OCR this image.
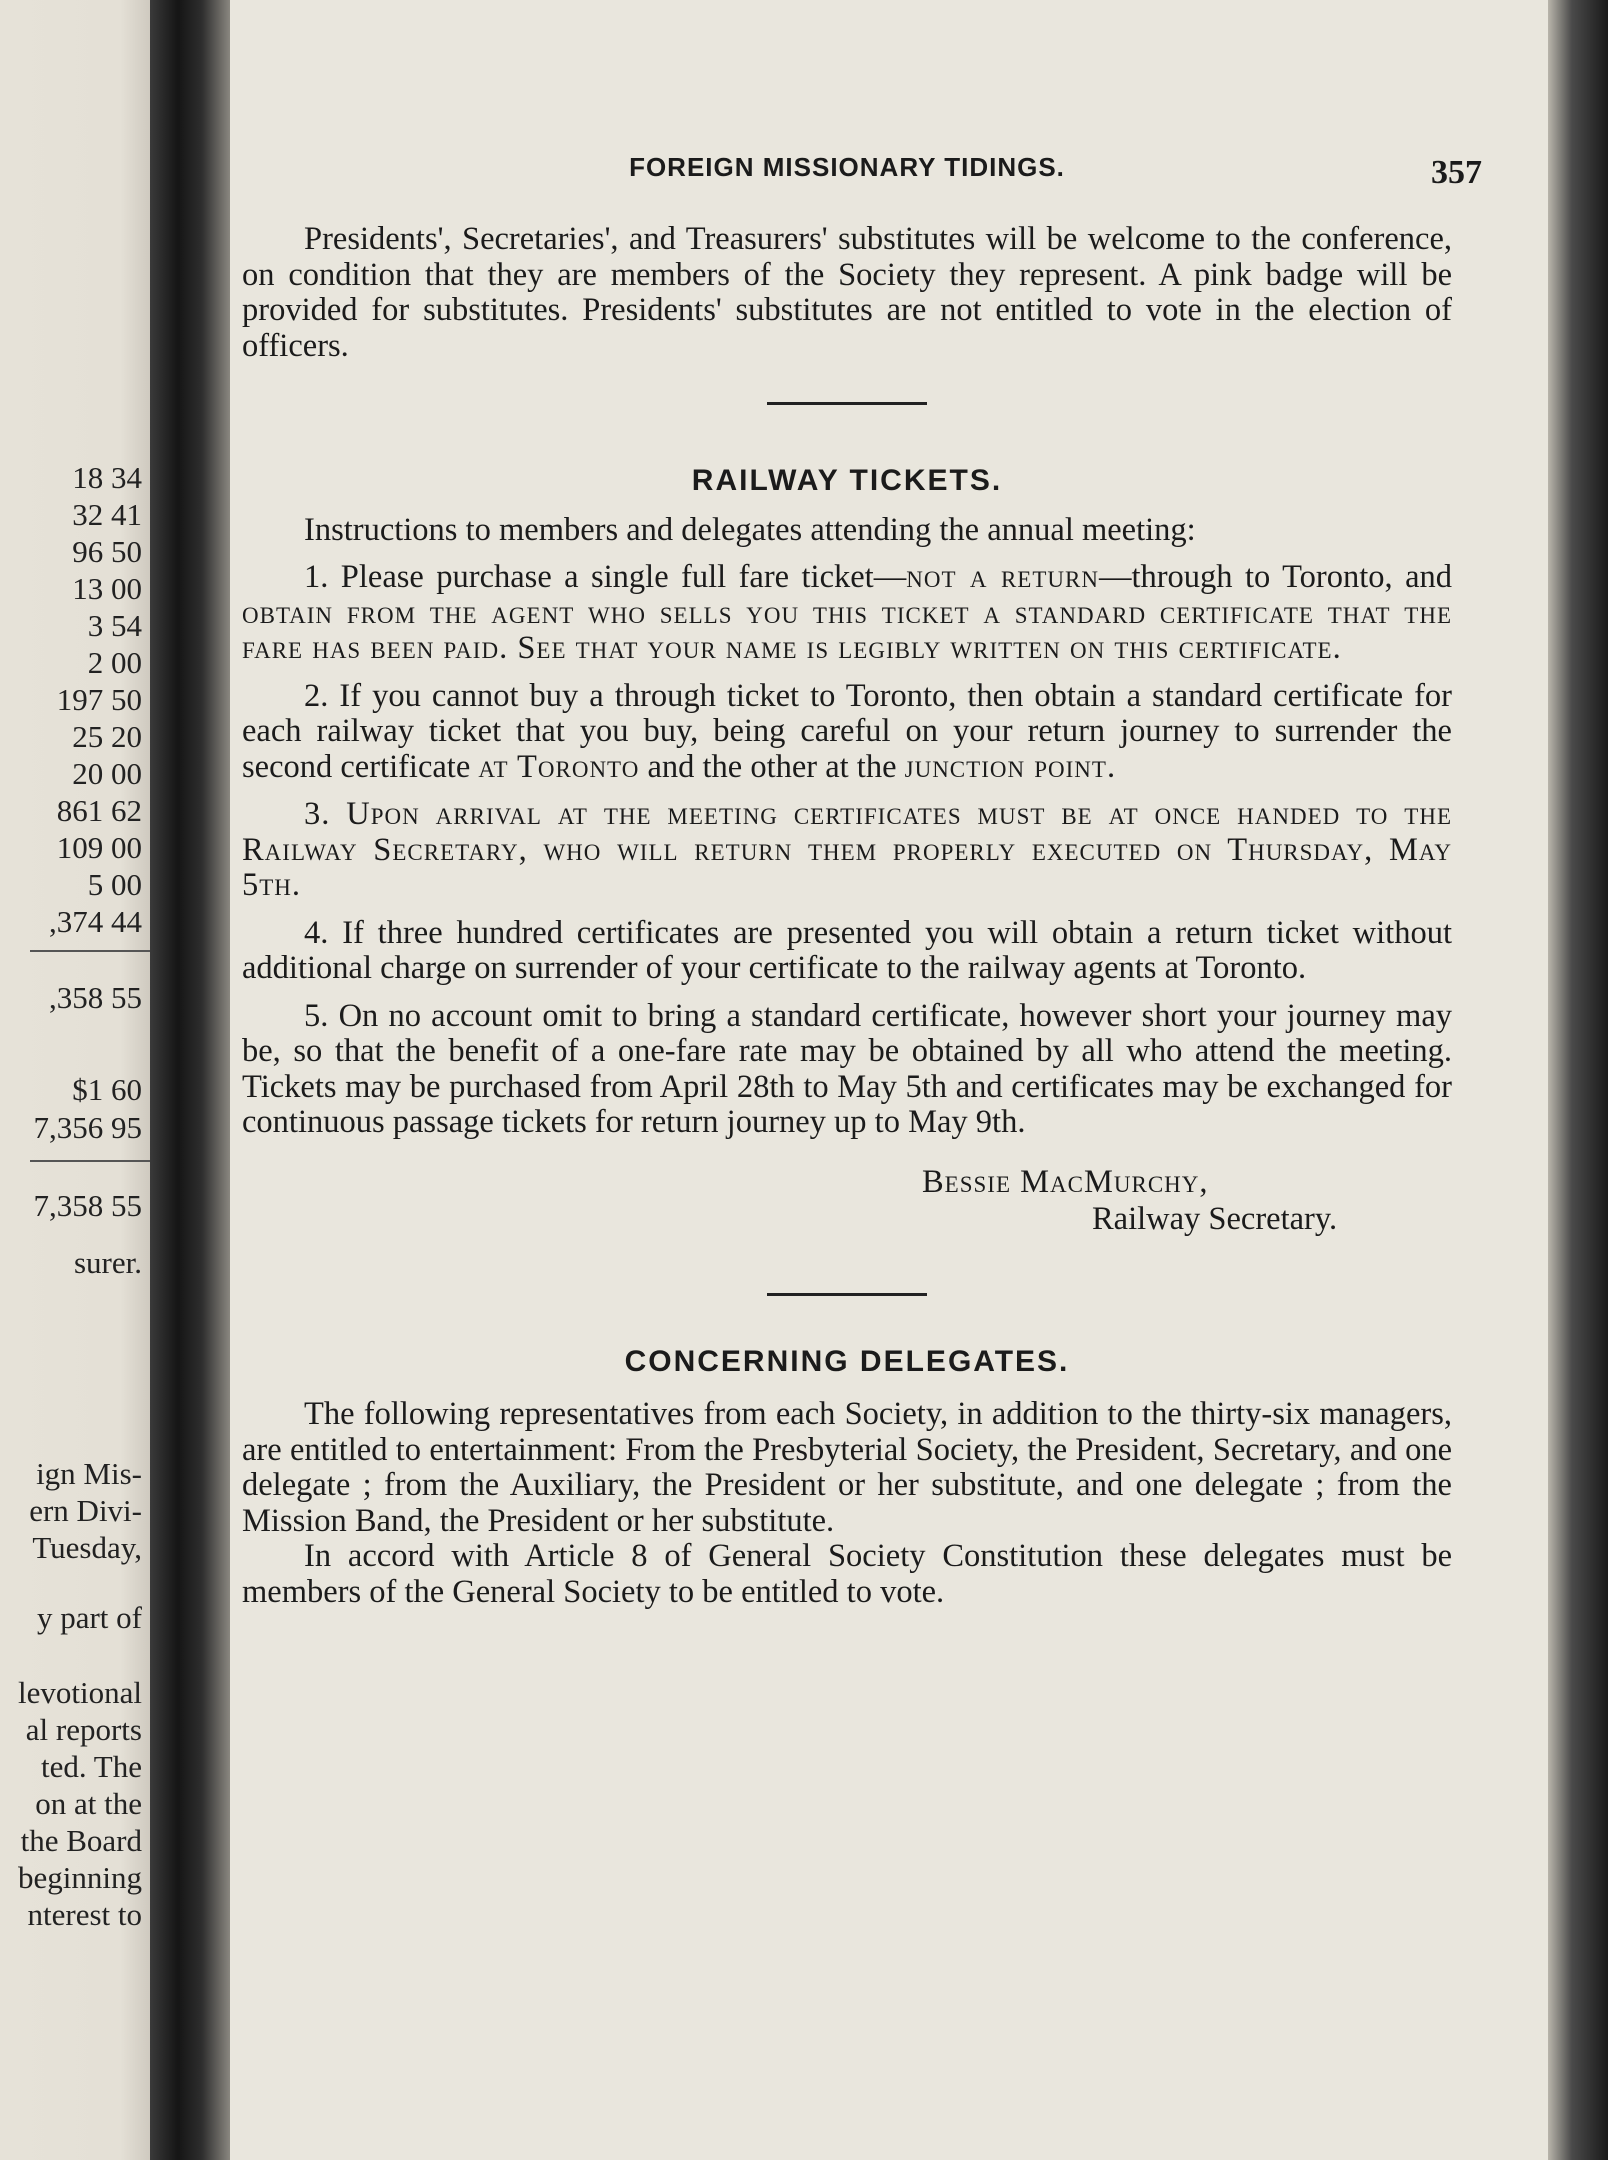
18 34
32 41
96 50
13 00
3 54
2 00
197 50
25 20
20 00
861 62
109 00
5 00
,374 44
,358 55
$1 60
7,356 95
7,358 55
surer.
ign Mis-
ern Divi-
Tuesday,
y part of
levotional
al reports
ted. The
on at the
the Board
beginning
nterest to
FOREIGN MISSIONARY TIDINGS.	357

Presidents', Secretaries', and Treasurers' substitutes will be welcome to the conference, on condition that they are members of the Society they represent. A pink badge will be provided for substitutes. Presidents' substitutes are not entitled to vote in the election of officers.

RAILWAY TICKETS.

Instructions to members and delegates attending the annual meeting:

1. Please purchase a single full fare ticket—not a return—through to Toronto, and obtain from the agent who sells you this ticket a standard certificate that the fare has been paid. See that your name is legibly written on this certificate.

2. If you cannot buy a through ticket to Toronto, then obtain a standard certificate for each railway ticket that you buy, being careful on your return journey to surrender the second certificate at Toronto and the other at the junction point.

3. Upon arrival at the meeting certificates must be at once handed to the Railway Secretary, who will return them properly executed on Thursday, May 5th.

4. If three hundred certificates are presented you will obtain a return ticket without additional charge on surrender of your certificate to the railway agents at Toronto.

5. On no account omit to bring a standard certificate, however short your journey may be, so that the benefit of a one-fare rate may be obtained by all who attend the meeting. Tickets may be purchased from April 28th to May 5th and certificates may be exchanged for continuous passage tickets for return journey up to May 9th.

Bessie MacMurchy,

Railway Secretary.

CONCERNING DELEGATES.

The following representatives from each Society, in addition to the thirty-six managers, are entitled to entertainment: From the Presbyterial Society, the President, Secretary, and one delegate ; from the Auxiliary, the President or her substitute, and one delegate ; from the Mission Band, the President or her substitute.

In accord with Article 8 of General Society Constitution these delegates must be members of the General Society to be entitled to vote.
